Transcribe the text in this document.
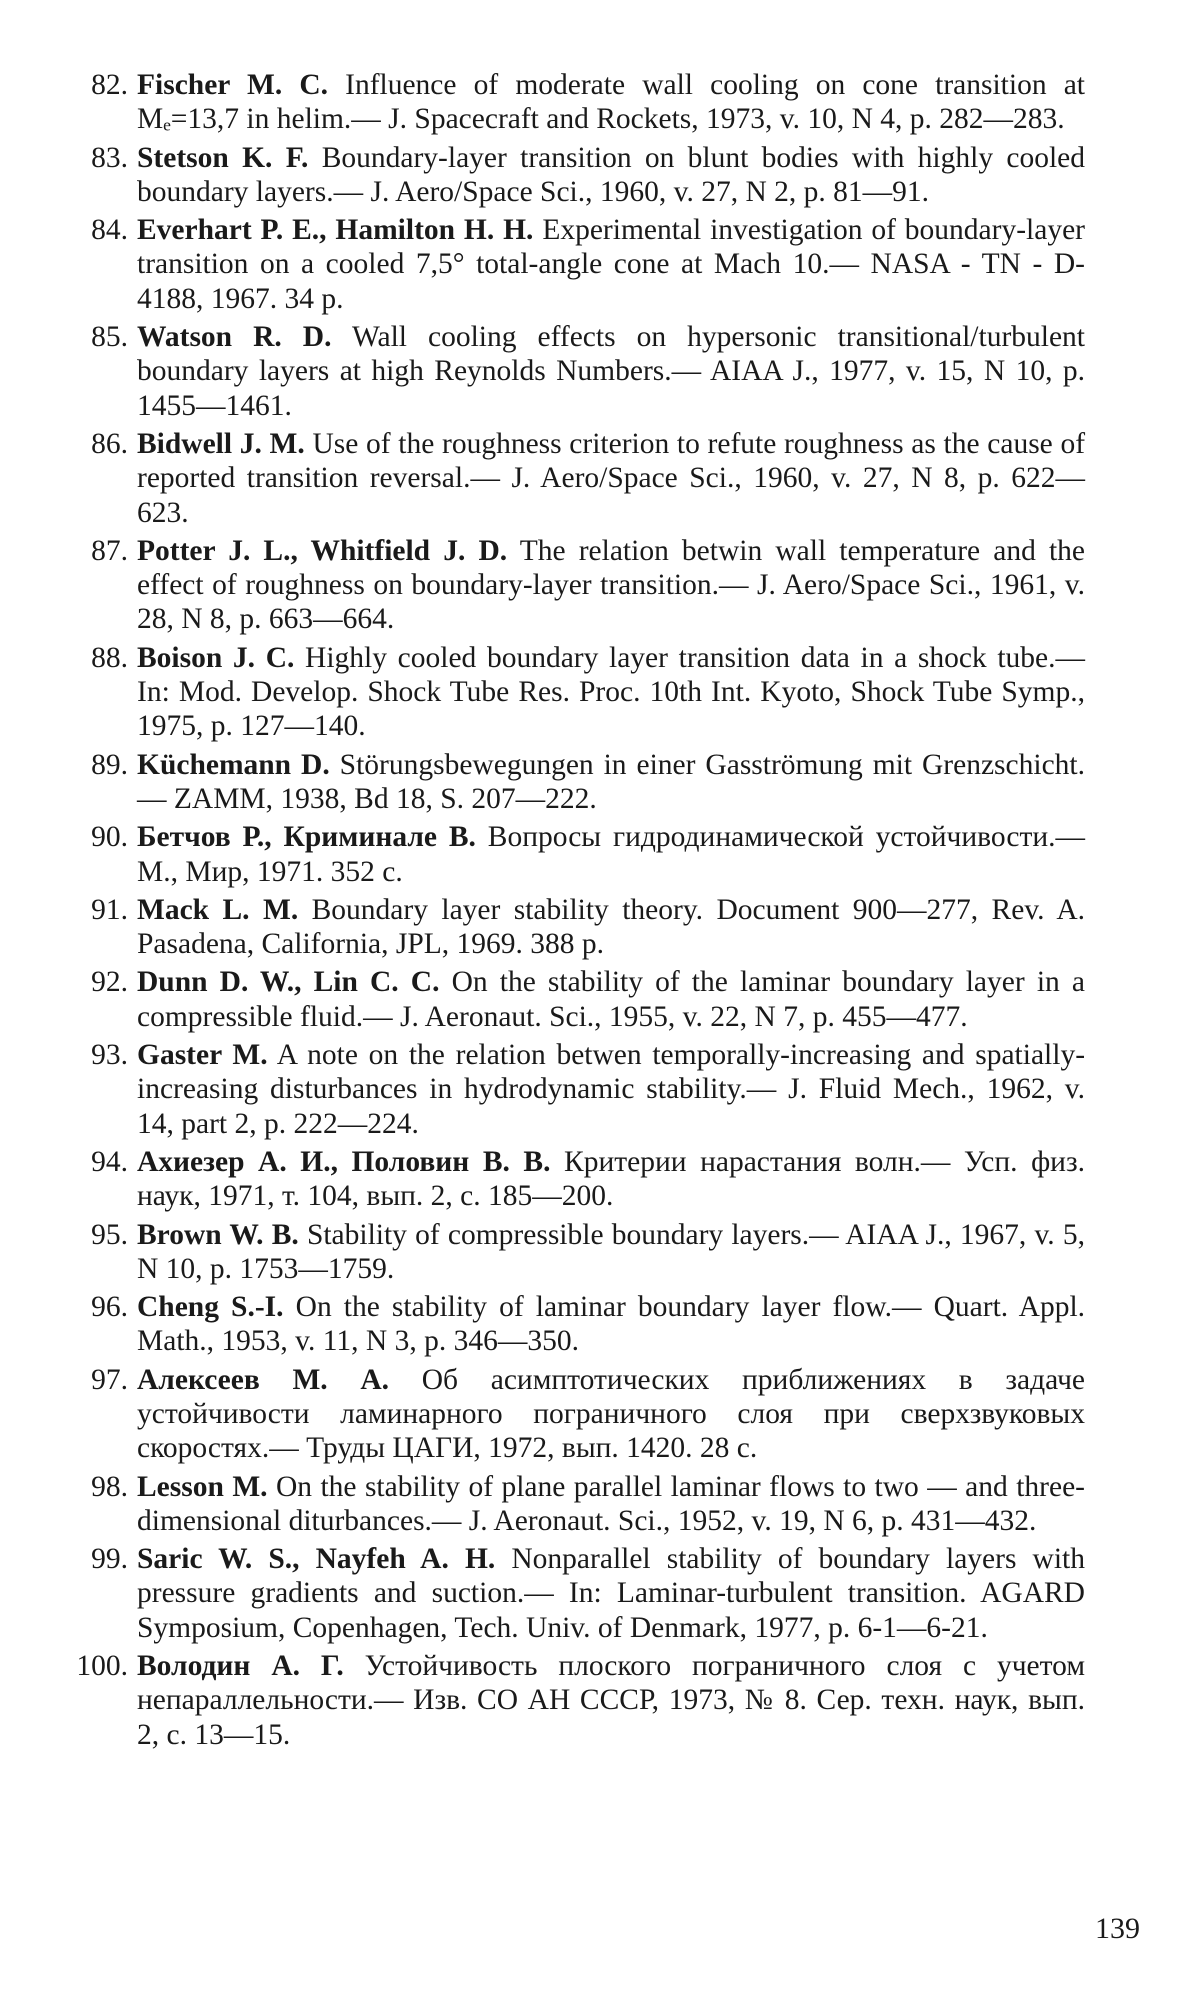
82. Fischer M. C. Influence of moderate wall cooling on cone transition at Mₑ=13,7 in helim.— J. Spacecraft and Rockets, 1973, v. 10, N 4, p. 282—283.
83. Stetson K. F. Boundary-layer transition on blunt bodies with highly cooled boundary layers.— J. Aero/Space Sci., 1960, v. 27, N 2, p. 81—91.
84. Everhart P. E., Hamilton H. H. Experimental investigation of boundary-layer transition on a cooled 7,5° total-angle cone at Mach 10.— NASA - TN - D-4188, 1967. 34 p.
85. Watson R. D. Wall cooling effects on hypersonic transitional/turbulent boundary layers at high Reynolds Numbers.— AIAA J., 1977, v. 15, N 10, p. 1455—1461.
86. Bidwell J. M. Use of the roughness criterion to refute roughness as the cause of reported transition reversal.— J. Aero/Space Sci., 1960, v. 27, N 8, p. 622—623.
87. Potter J. L., Whitfield J. D. The relation betwin wall temperature and the effect of roughness on boundary-layer transition.— J. Aero/Space Sci., 1961, v. 28, N 8, p. 663—664.
88. Boison J. C. Highly cooled boundary layer transition data in a shock tube.— In: Mod. Develop. Shock Tube Res. Proc. 10th Int. Kyoto, Shock Tube Symp., 1975, p. 127—140.
89. Küchemann D. Störungsbewegungen in einer Gasströmung mit Grenzschicht.— ZAMM, 1938, Bd 18, S. 207—222.
90. Бетчов Р., Криминале В. Вопросы гидродинамической устойчивости.— М., Мир, 1971. 352 с.
91. Mack L. M. Boundary layer stability theory. Document 900—277, Rev. A. Pasadena, California, JPL, 1969. 388 p.
92. Dunn D. W., Lin C. C. On the stability of the laminar boundary layer in a compressible fluid.— J. Aeronaut. Sci., 1955, v. 22, N 7, p. 455—477.
93. Gaster M. A note on the relation betwen temporally-increasing and spatially-increasing disturbances in hydrodynamic stability.— J. Fluid Mech., 1962, v. 14, part 2, p. 222—224.
94. Ахиезер А. И., Половин В. В. Критерии нарастания волн.— Усп. физ. наук, 1971, т. 104, вып. 2, с. 185—200.
95. Brown W. B. Stability of compressible boundary layers.— AIAA J., 1967, v. 5, N 10, p. 1753—1759.
96. Cheng S.-I. On the stability of laminar boundary layer flow.— Quart. Appl. Math., 1953, v. 11, N 3, p. 346—350.
97. Алексеев М. А. Об асимптотических приближениях в задаче устойчивости ламинарного пограничного слоя при сверхзвуковых скоростях.— Труды ЦАГИ, 1972, вып. 1420. 28 с.
98. Lesson M. On the stability of plane parallel laminar flows to two — and three-dimensional diturbances.— J. Aeronaut. Sci., 1952, v. 19, N 6, p. 431—432.
99. Saric W. S., Nayfeh A. H. Nonparallel stability of boundary layers with pressure gradients and suction.— In: Laminar-turbulent transition. AGARD Symposium, Copenhagen, Tech. Univ. of Denmark, 1977, p. 6-1—6-21.
100. Володин А. Г. Устойчивость плоского пограничного слоя с учетом непараллельности.— Изв. СО АН СССР, 1973, № 8. Сер. техн. наук, вып. 2, с. 13—15.
139
